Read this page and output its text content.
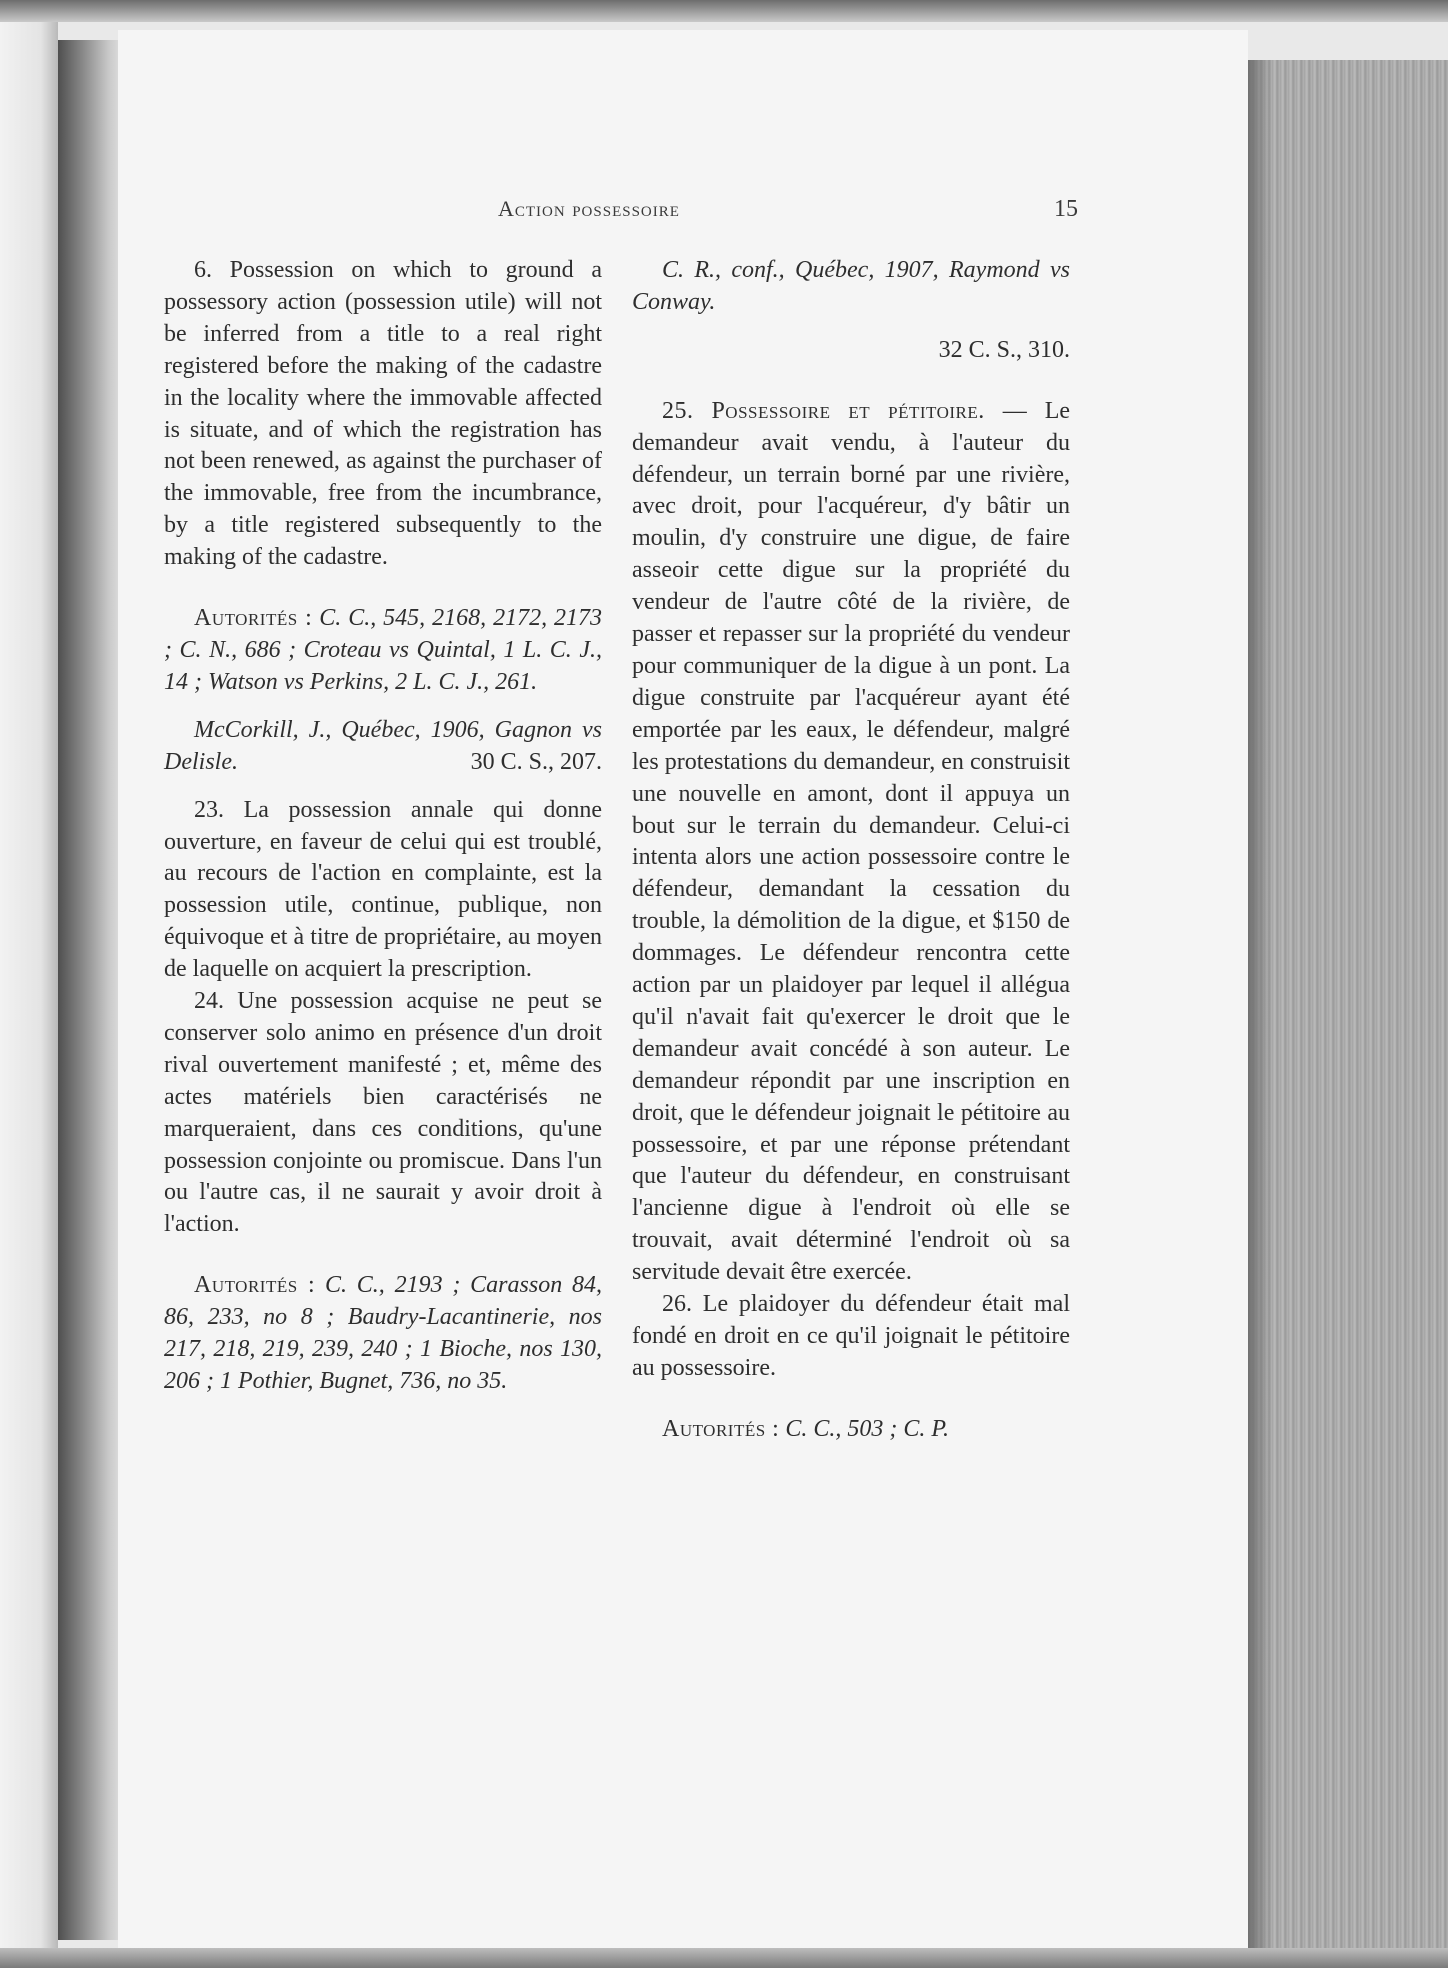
Action possessoire	15

6. Possession on which to ground a possessory action (possession utile) will not be inferred from a title to a real right registered before the making of the cadastre in the locality where the immovable affected is situate, and of which the registration has not been renewed, as against the purchaser of the immovable, free from the incumbrance, by a title registered subsequently to the making of the cadastre.

Autorités : C. C., 545, 2168, 2172, 2173 ; C. N., 686 ; Croteau vs Quintal, 1 L. C. J., 14 ; Watson vs Perkins, 2 L. C. J., 261.

McCorkill, J., Québec, 1906, Gagnon vs Delisle.	30 C. S., 207.

23. La possession annale qui donne ouverture, en faveur de celui qui est troublé, au recours de l'action en complainte, est la possession utile, continue, publique, non équivoque et à titre de propriétaire, au moyen de laquelle on acquiert la prescription.

24. Une possession acquise ne peut se conserver solo animo en présence d'un droit rival ouvertement manifesté ; et, même des actes matériels bien caractérisés ne marqueraient, dans ces conditions, qu'une possession conjointe ou promiscue. Dans l'un ou l'autre cas, il ne saurait y avoir droit à l'action.

Autorités : C. C., 2193 ; Carasson 84, 86, 233, no 8 ; Baudry-Lacantinerie, nos 217, 218, 219, 239, 240 ; 1 Bioche, nos 130, 206 ; 1 Pothier, Bugnet, 736, no 35.

C. R., conf., Québec, 1907, Raymond vs Conway.

32 C. S., 310.

25. Possessoire et pétitoire. — Le demandeur avait vendu, à l'auteur du défendeur, un terrain borné par une rivière, avec droit, pour l'acquéreur, d'y bâtir un moulin, d'y construire une digue, de faire asseoir cette digue sur la propriété du vendeur de l'autre côté de la rivière, de passer et repasser sur la propriété du vendeur pour communiquer de la digue à un pont. La digue construite par l'acquéreur ayant été emportée par les eaux, le défendeur, malgré les protestations du demandeur, en construisit une nouvelle en amont, dont il appuya un bout sur le terrain du demandeur. Celui-ci intenta alors une action possessoire contre le défendeur, demandant la cessation du trouble, la démolition de la digue, et $150 de dommages. Le défendeur rencontra cette action par un plaidoyer par lequel il allégua qu'il n'avait fait qu'exercer le droit que le demandeur avait concédé à son auteur. Le demandeur répondit par une inscription en droit, que le défendeur joignait le pétitoire au possessoire, et par une réponse prétendant que l'auteur du défendeur, en construisant l'ancienne digue à l'endroit où elle se trouvait, avait déterminé l'endroit où sa servitude devait être exercée.

26. Le plaidoyer du défendeur était mal fondé en droit en ce qu'il joignait le pétitoire au possessoire.

Autorités : C. C., 503 ; C. P.
